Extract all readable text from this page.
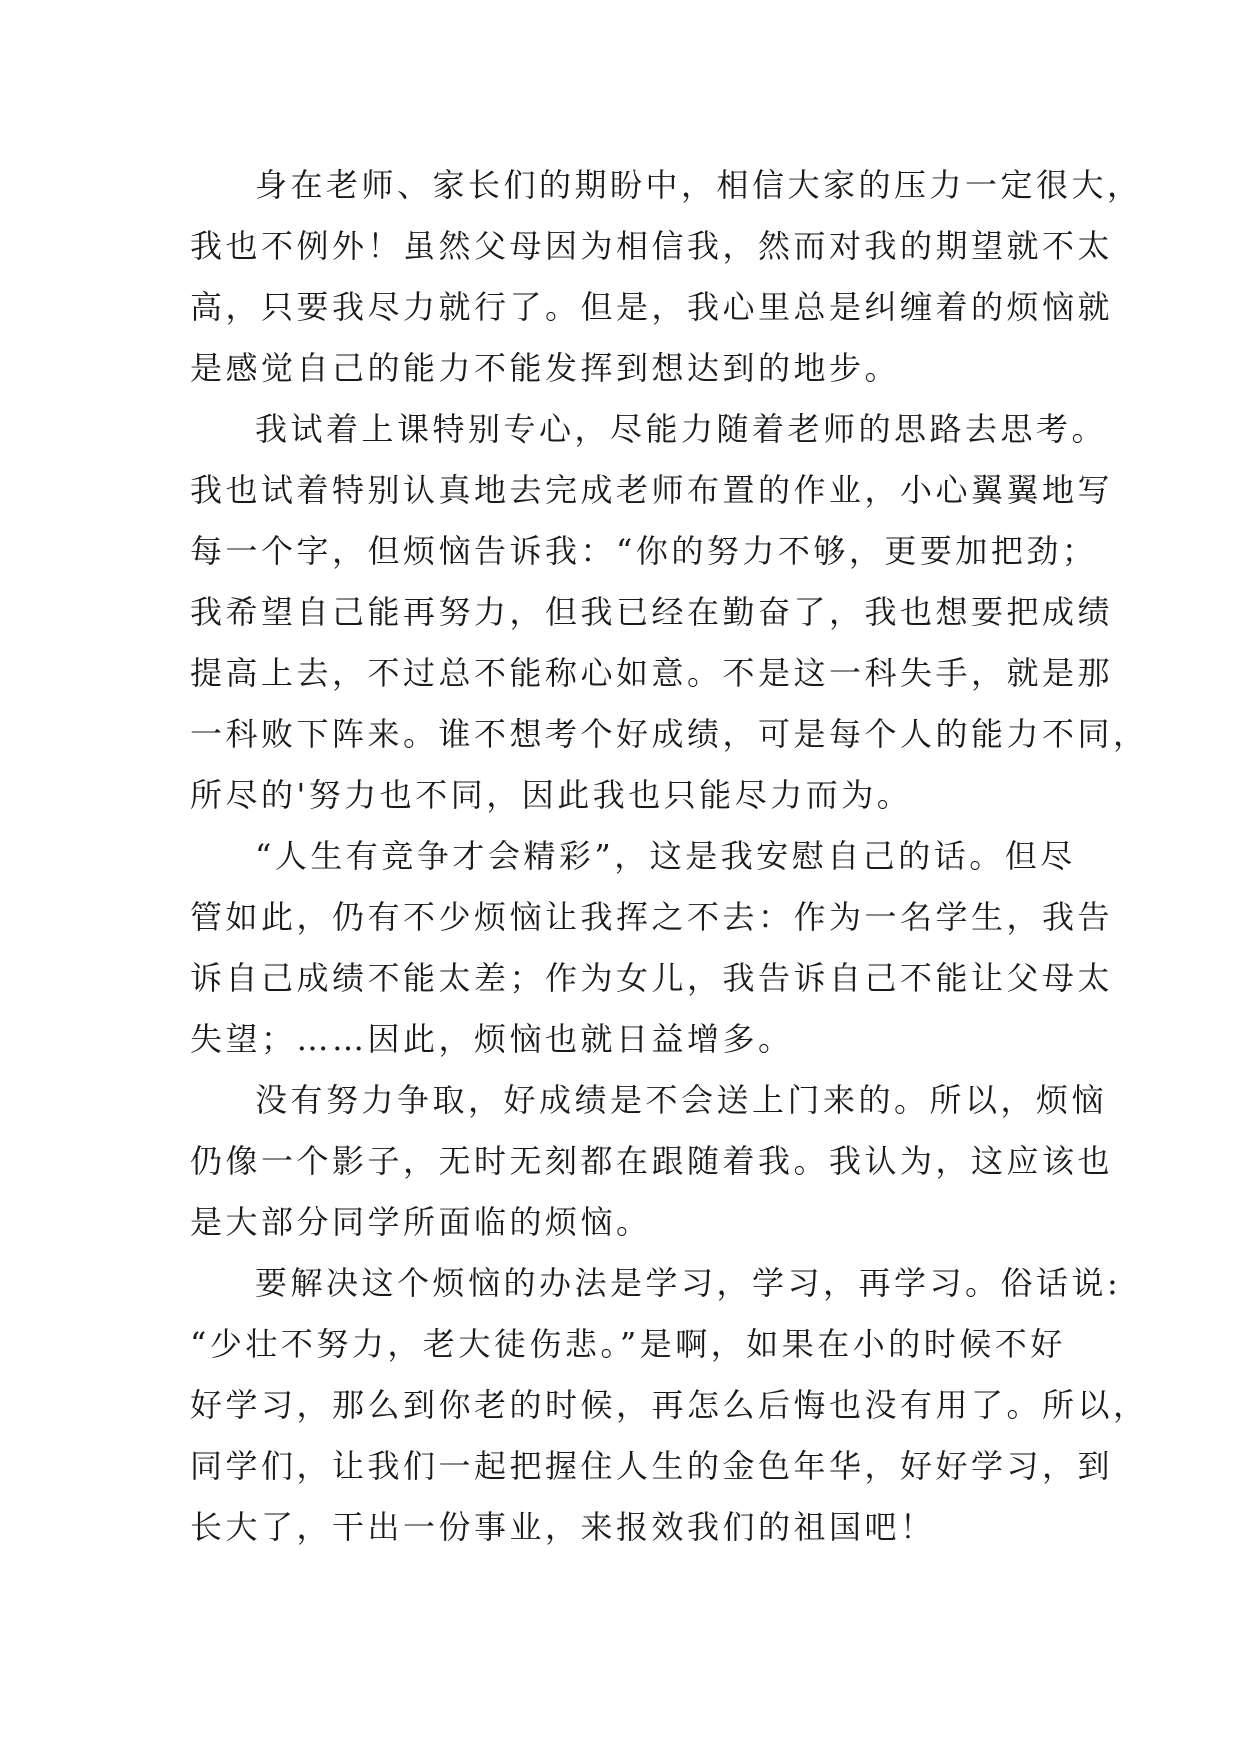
身在老师、家长们的期盼中，相信大家的压力一定很大，
我也不例外！虽然父母因为相信我，然而对我的期望就不太
高，只要我尽力就行了。但是，我心里总是纠缠着的烦恼就
是感觉自己的能力不能发挥到想达到的地步。
我试着上课特别专心，尽能力随着老师的思路去思考。
我也试着特别认真地去完成老师布置的作业，小心翼翼地写
每一个字，但烦恼告诉我：“你的努力不够，更要加把劲；
我希望自己能再努力，但我已经在勤奋了，我也想要把成绩
提高上去，不过总不能称心如意。不是这一科失手，就是那
一科败下阵来。谁不想考个好成绩，可是每个人的能力不同，
所尽的'努力也不同，因此我也只能尽力而为。
“人生有竞争才会精彩”，这是我安慰自己的话。但尽
管如此，仍有不少烦恼让我挥之不去：作为一名学生，我告
诉自己成绩不能太差；作为女儿，我告诉自己不能让父母太
失望；……因此，烦恼也就日益增多。
没有努力争取，好成绩是不会送上门来的。所以，烦恼
仍像一个影子，无时无刻都在跟随着我。我认为，这应该也
是大部分同学所面临的烦恼。
要解决这个烦恼的办法是学习，学习，再学习。俗话说:
“少壮不努力，老大徒伤悲。”是啊，如果在小的时候不好
好学习，那么到你老的时候，再怎么后悔也没有用了。所以，
同学们，让我们一起把握住人生的金色年华，好好学习，到
长大了，干出一份事业，来报效我们的祖国吧！
